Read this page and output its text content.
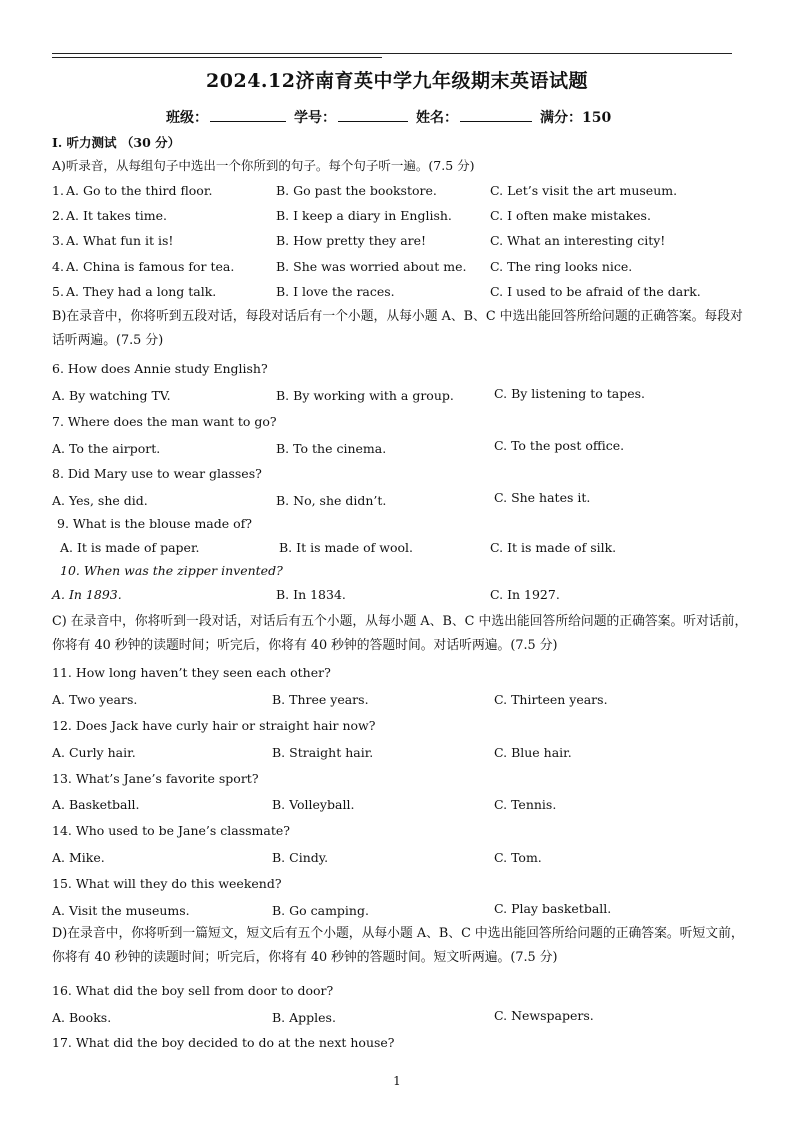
2024.12济南育英中学九年级期末英语试题
班级：	学号：	姓名：	满分： 150
I. 听力测试 （30 分）
A)听录音，从每组句子中选出一个你所到的句子。每个句子听一遍。(7.5 分)
1. A. Go to the third floor.	B. Go past the bookstore.	C. Let’s visit the art museum.
2. A. It takes time.	B. I keep a diary in English.	C. I often make mistakes.
3. A. What fun it is!	B. How pretty they are!	C. What an interesting city!
4. A. China is famous for tea.	B. She was worried about me. C. The ring looks nice.
5. A. They had a long talk.	B. I love the races.	C. I used to be afraid of the dark.
B)在录音中，你将听到五段对话，每段对话后有一个小题，从每小题 A、B、C 中选出能回答所给问题的正确答案。每段对话听两遍。(7.5 分)
6. How does Annie study English?
A. By watching TV.	B. By working with a group.	C. By listening to tapes.
7. Where does the man want to go?
A. To the airport.	B. To the cinema.	C. To the post office.
8. Did Mary use to wear glasses?
A. Yes, she did.	B. No, she didn’t.	C. She hates it.
9. What is the blouse made of?
A. It is made of paper.	B. It is made of wool.	C. It is made of silk.
10. When was the zipper invented?
A. In 1893.	B. In 1834.	C. In 1927.
C) 在录音中，你将听到一段对话，对话后有五个小题，从每小题 A、B、C 中选出能回答所给问题的正确答案。听对话前，你将有 40 秒钟的读题时间；听完后，你将有 40 秒钟的答题时间。对话听两遍。(7.5 分)
11. How long haven’t they seen each other?
A. Two years.	B. Three years.	C. Thirteen years.
12. Does Jack have curly hair or straight hair now?
A. Curly hair.	B. Straight hair.	C. Blue hair.
13. What’s Jane’s favorite sport?
A. Basketball.	B. Volleyball.	C. Tennis.
14. Who used to be Jane’s classmate?
A. Mike.	B. Cindy.	C. Tom.
15. What will they do this weekend?
A. Visit the museums.	B. Go camping.	C. Play basketball.
D)在录音中，你将听到一篇短文，短文后有五个小题，从每小题 A、B、C 中选出能回答所给问题的正确答案。听短文前，你将有 40 秒钟的读题时间；听完后，你将有 40 秒钟的答题时间。短文听两遍。(7.5 分)
16. What did the boy sell from door to door?
A. Books.	B. Apples.	C. Newspapers.
17. What did the boy decided to do at the next house?
1
